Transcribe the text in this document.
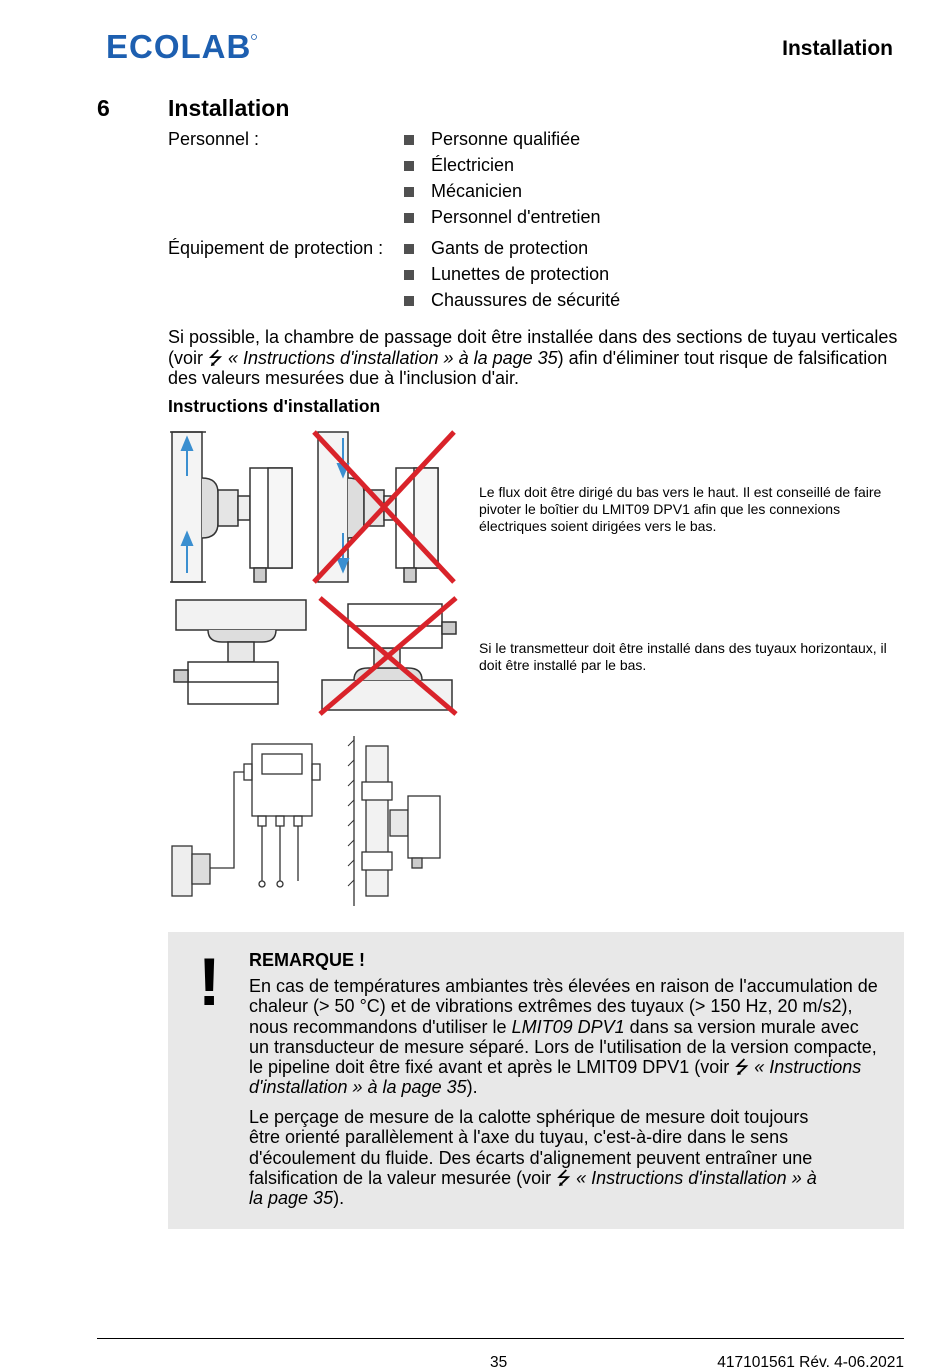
ECOLAB	Installation
6	Installation
Personnel :	Personne qualifiée
Électricien
Mécanicien
Personnel d'entretien
Équipement de protection :	Gants de protection
Lunettes de protection
Chaussures de sécurité
Si possible, la chambre de passage doit être installée dans des sections de tuyau verticales (voir ⭍ « Instructions d'installation » à la page 35) afin d'éliminer tout risque de falsification des valeurs mesurées due à l'inclusion d'air.
Instructions d'installation
Le flux doit être dirigé du bas vers le haut. Il est conseillé de faire pivoter le boîtier du LMIT09 DPV1 afin que les connexions électriques soient dirigées vers le bas.
Si le transmetteur doit être installé dans des tuyaux horizontaux, il doit être installé par le bas.
! REMARQUE !
En cas de températures ambiantes très élevées en raison de l'accumulation de chaleur (> 50 °C) et de vibrations extrêmes des tuyaux (> 150 Hz, 20 m/s2), nous recommandons d'utiliser le LMIT09 DPV1 dans sa version murale avec un transducteur de mesure séparé. Lors de l'utilisation de la version compacte, le pipeline doit être fixé avant et après le LMIT09 DPV1 (voir ⭍ « Instructions d'installation » à la page 35).
Le perçage de mesure de la calotte sphérique de mesure doit toujours être orienté parallèlement à l'axe du tuyau, c'est-à-dire dans le sens d'écoulement du fluide. Des écarts d'alignement peuvent entraîner une falsification de la valeur mesurée (voir ⭍ « Instructions d'installation » à la page 35).
35	417101561 Rév. 4-06.2021
